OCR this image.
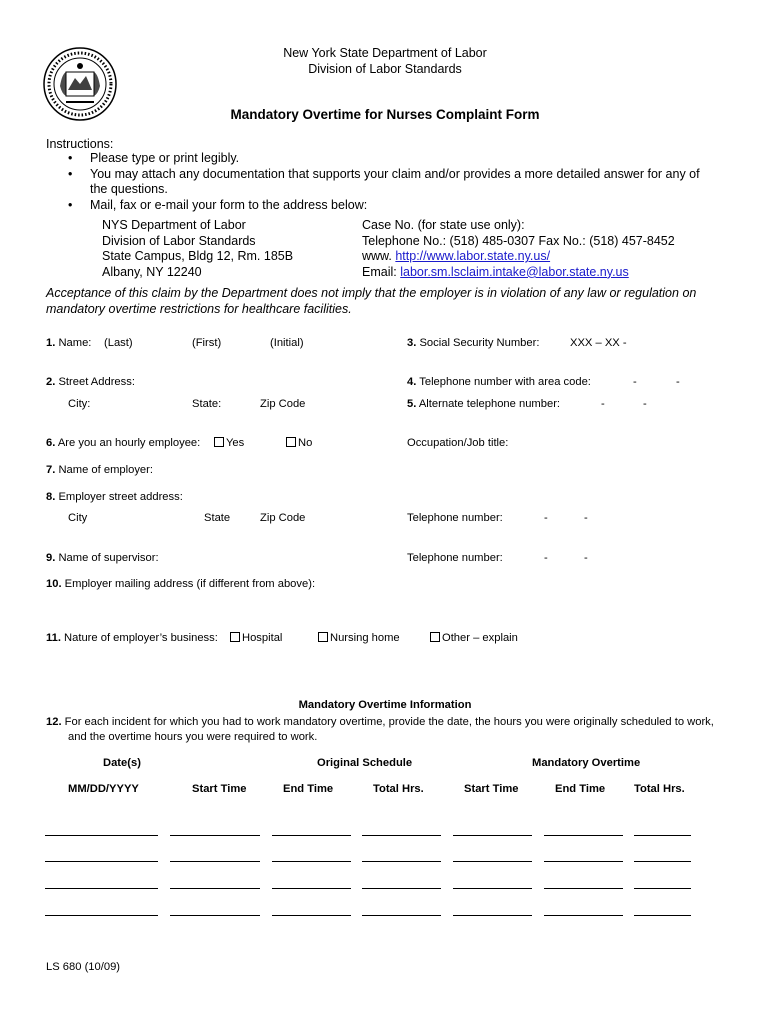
New York State Department of Labor
Division of Labor Standards
Mandatory Overtime for Nurses Complaint Form
Instructions:
• Please type or print legibly.
• You may attach any documentation that supports your claim and/or provides a more detailed answer for any of the questions.
• Mail, fax or e-mail your form to the address below:
NYS Department of Labor
Division of Labor Standards
State Campus, Bldg 12, Rm. 185B
Albany, NY 12240
Case No. (for state use only):
Telephone No.: (518) 485-0307 Fax No.: (518) 457-8452
www. http://www.labor.state.ny.us/
Email: labor.sm.lsclaim.intake@labor.state.ny.us
Acceptance of this claim by the Department does not imply that the employer is in violation of any law or regulation on mandatory overtime restrictions for healthcare facilities.
1. Name: (Last)	(First)	(Initial)	3. Social Security Number:	XXX – XX -
2. Street Address:	4. Telephone number with area code:	-	-
City:	State:	Zip Code	5. Alternate telephone number:	-	-
6. Are you an hourly employee:	Yes	No	Occupation/Job title:
7. Name of employer:
8. Employer street address:
City	State	Zip Code	Telephone number:	-	-
9. Name of supervisor:	Telephone number:	-	-
10. Employer mailing address (if different from above):
11. Nature of employer’s business:	Hospital	Nursing home	Other – explain
Mandatory Overtime Information
12. For each incident for which you had to work mandatory overtime, provide the date, the hours you were originally scheduled to work,
and the overtime hours you were required to work.
Date(s)	Original Schedule	Mandatory Overtime
MM/DD/YYYY	Start Time	End Time	Total Hrs.	Start Time	End Time	Total Hrs.
LS 680 (10/09)
